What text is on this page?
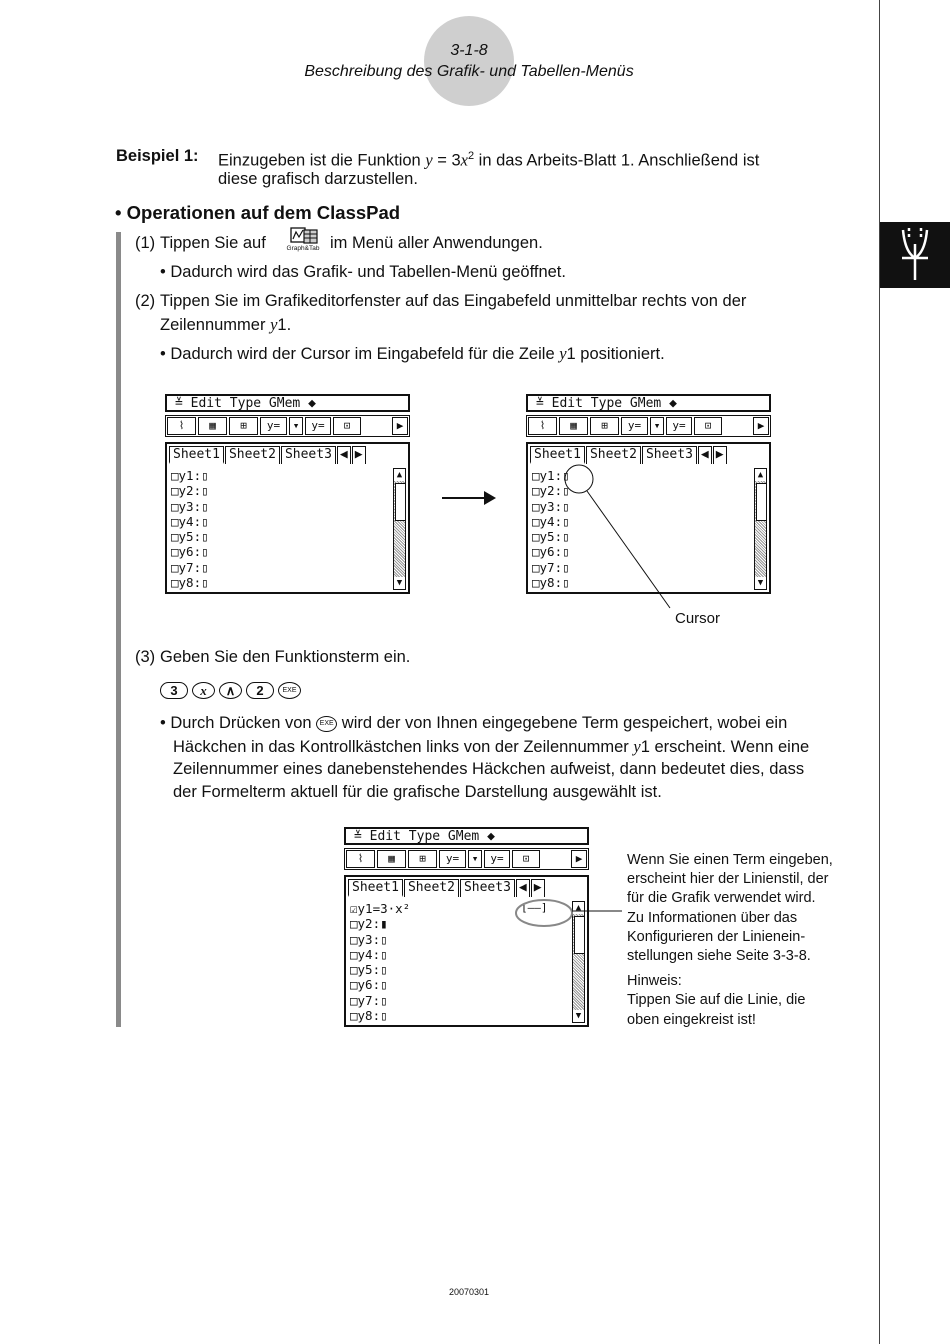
3-1-8
Beschreibung des Grafik- und Tabellen-Menüs
Beispiel 1: Einzugeben ist die Funktion $y = 3x^2$ in das Arbeits-Blatt 1. Anschließend ist
diese grafisch darzustellen.
• Operationen auf dem ClassPad
(1) Tippen Sie auf	Graph&Tab im Menü aller Anwendungen.
• Dadurch wird das Grafik- und Tabellen-Menü geöffnet.
(2) Tippen Sie im Grafikeditorfenster auf das Eingabefeld unmittelbar rechts von der
Zeilennummer y1.
• Dadurch wird der Cursor im Eingabefeld für die Zeile y1 positioniert.
≚ Edit Type GMem ◆
⌇	▦	⊞	y=	▾	y=	⊡	▶
Sheet1 Sheet2 Sheet3 ◀ ▶
□y1:▯
□y2:▯
□y3:▯
□y4:▯
□y5:▯
□y6:▯
□y7:▯
□y8:▯
▲
▼
≚ Edit Type GMem ◆
⌇	▦	⊞	y=	▾	y=	⊡	▶
Sheet1 Sheet2 Sheet3 ◀ ▶
□y1:▯
□y2:▯
□y3:▯
□y4:▯
□y5:▯
□y6:▯
□y7:▯
□y8:▯
▲
▼
Cursor
(3) Geben Sie den Funktionsterm ein.
3	x	∧	2	EXE
• Durch Drücken von EXE wird der von Ihnen eingegebene Term gespeichert, wobei ein
Häckchen in das Kontrollkästchen links von der Zeilennummer y1 erscheint. Wenn eine
Zeilennummer eines danebenstehendes Häckchen aufweist, dann bedeutet dies, dass
der Formelterm aktuell für die grafische Darstellung ausgewählt ist.
≚ Edit Type GMem ◆
⌇	▦	⊞	y=	▾	y=	⊡	▶
Sheet1 Sheet2 Sheet3 ◀ ▶
☑y1=3·x²
□y2:▮
□y3:▯
□y4:▯
□y5:▯
□y6:▯
□y7:▯
□y8:▯
[——]	▲
▼
Wenn Sie einen Term eingeben,
erscheint hier der Linienstil, der
für die Grafik verwendet wird.
Zu Informationen über das
Konfigurieren der Linienein-
stellungen siehe Seite 3-3-8.
Hinweis:
Tippen Sie auf die Linie, die
oben eingekreist ist!
20070301
